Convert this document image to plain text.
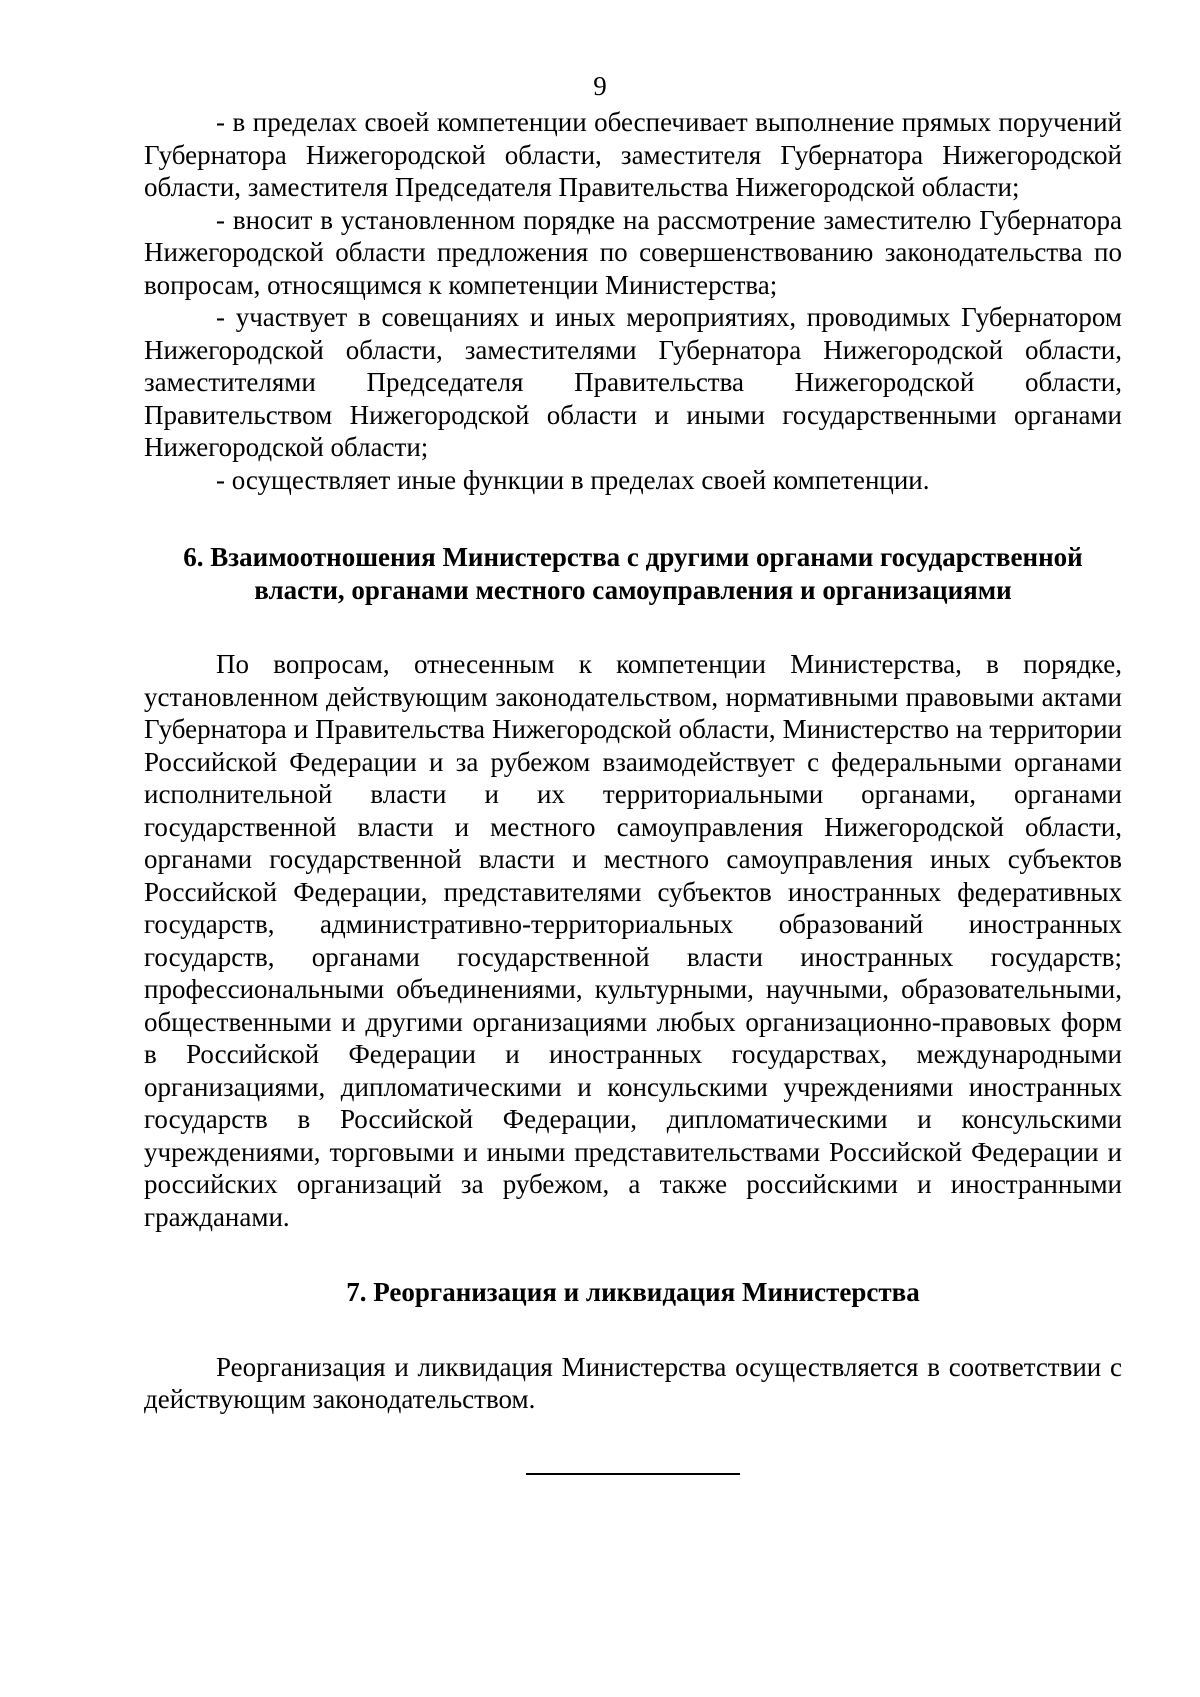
9

- в пределах своей компетенции обеспечивает выполнение прямых поручений Губернатора Нижегородской области, заместителя Губернатора Нижегородской области, заместителя Председателя Правительства Нижегородской области;

- вносит в установленном порядке на рассмотрение заместителю Губернатора Нижегородской области предложения по совершенствованию законодательства по вопросам, относящимся к компетенции Министерства;

- участвует в совещаниях и иных мероприятиях, проводимых Губернатором Нижегородской области, заместителями Губернатора Нижегородской области, заместителями Председателя Правительства Нижегородской области, Правительством Нижегородской области и иными государственными органами Нижегородской области;

- осуществляет иные функции в пределах своей компетенции.

6. Взаимоотношения Министерства с другими органами государственной
власти, органами местного самоуправления и организациями

По вопросам, отнесенным к компетенции Министерства, в порядке, установленном действующим законодательством, нормативными правовыми актами Губернатора и Правительства Нижегородской области, Министерство на территории Российской Федерации и за рубежом взаимодействует с федеральными органами исполнительной власти и их территориальными органами, органами государственной власти и местного самоуправления Нижегородской области, органами государственной власти и местного самоуправления иных субъектов Российской Федерации, представителями субъектов иностранных федеративных государств, административно-территориальных образований иностранных государств, органами государственной власти иностранных государств; профессиональными объединениями, культурными, научными, образовательными, общественными и другими организациями любых организационно-правовых форм в Российской Федерации и иностранных государствах, международными организациями, дипломатическими и консульскими учреждениями иностранных государств в Российской Федерации, дипломатическими и консульскими учреждениями, торговыми и иными представительствами Российской Федерации и российских организаций за рубежом, а также российскими и иностранными гражданами.

7. Реорганизация и ликвидация Министерства

Реорганизация и ликвидация Министерства осуществляется в соответствии с действующим законодательством.
